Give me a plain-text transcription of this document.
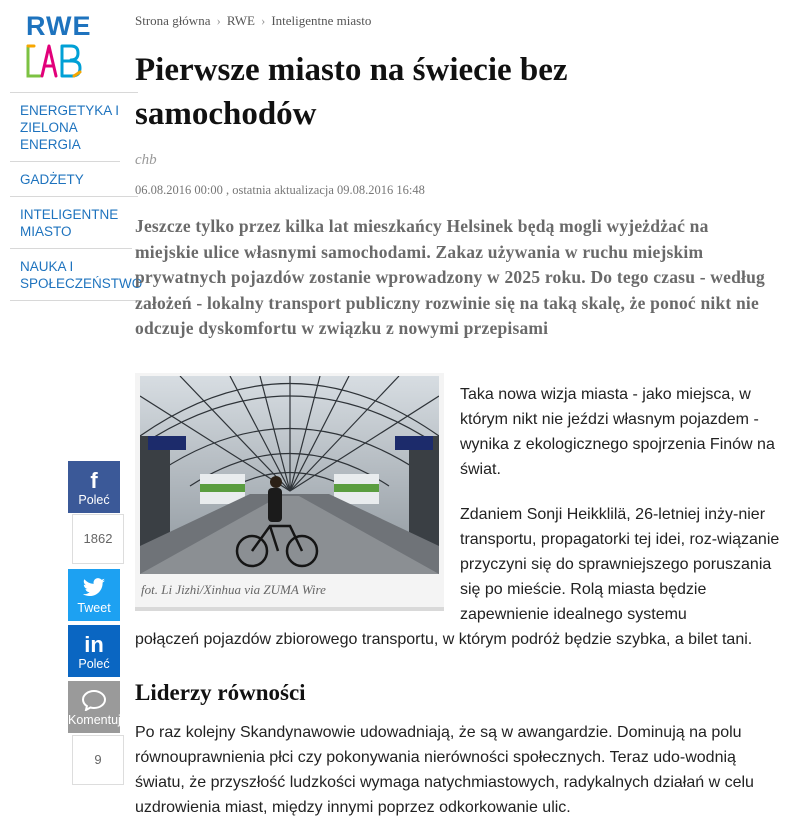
RWE
ENERGETYKA I ZIELONA ENERGIA
GADŻETY
INTELIGENTNE MIASTO
NAUKA I SPOŁECZEŃSTWO
Strona główna › RWE › Inteligentne miasto
Pierwsze miasto na świecie bez samochodów
chb
06.08.2016 00:00 , ostatnia aktualizacja 09.08.2016 16:48

Jeszcze tylko przez kilka lat mieszkańcy Helsinek będą mogli wyjeżdżać na miejskie ulice własnymi samochodami. Zakaz używania w ruchu miejskim prywatnych pojazdów zostanie wprowadzony w 2025 roku. Do tego czasu - według założeń - lokalny transport publiczny rozwinie się na taką skalę, że ponoć nikt nie odczuje dyskomfortu w związku z nowymi przepisami

fot. Li Jizhi/Xinhua via ZUMA Wire

Taka nowa wizja miasta - jako miejsca, w którym nikt nie jeździ własnym pojazdem - wynika z ekologicznego spojrzenia Finów na świat.

Zdaniem Sonji Heikklilä, 26-letniej inży-nier transportu, propagatorki tej idei, roz-wiązanie przyczyni się do sprawniejszego poruszania się po mieście. Rolą miasta będzie zapewnienie idealnego systemu

połączeń pojazdów zbiorowego transportu, w którym podróż będzie szybka, a bilet tani.

Liderzy równości

Po raz kolejny Skandynawowie udowadniają, że są w awangardzie. Dominują na polu równouprawnienia płci czy pokonywania nierówności społecznych. Teraz udo-wodnią światu, że przyszłość ludzkości wymaga natychmiastowych, radykalnych działań w celu uzdrowienia miast, między innymi poprzez odkorkowanie ulic.

f
Poleć
1862
Tweet
in
Poleć
Komentuj
9
